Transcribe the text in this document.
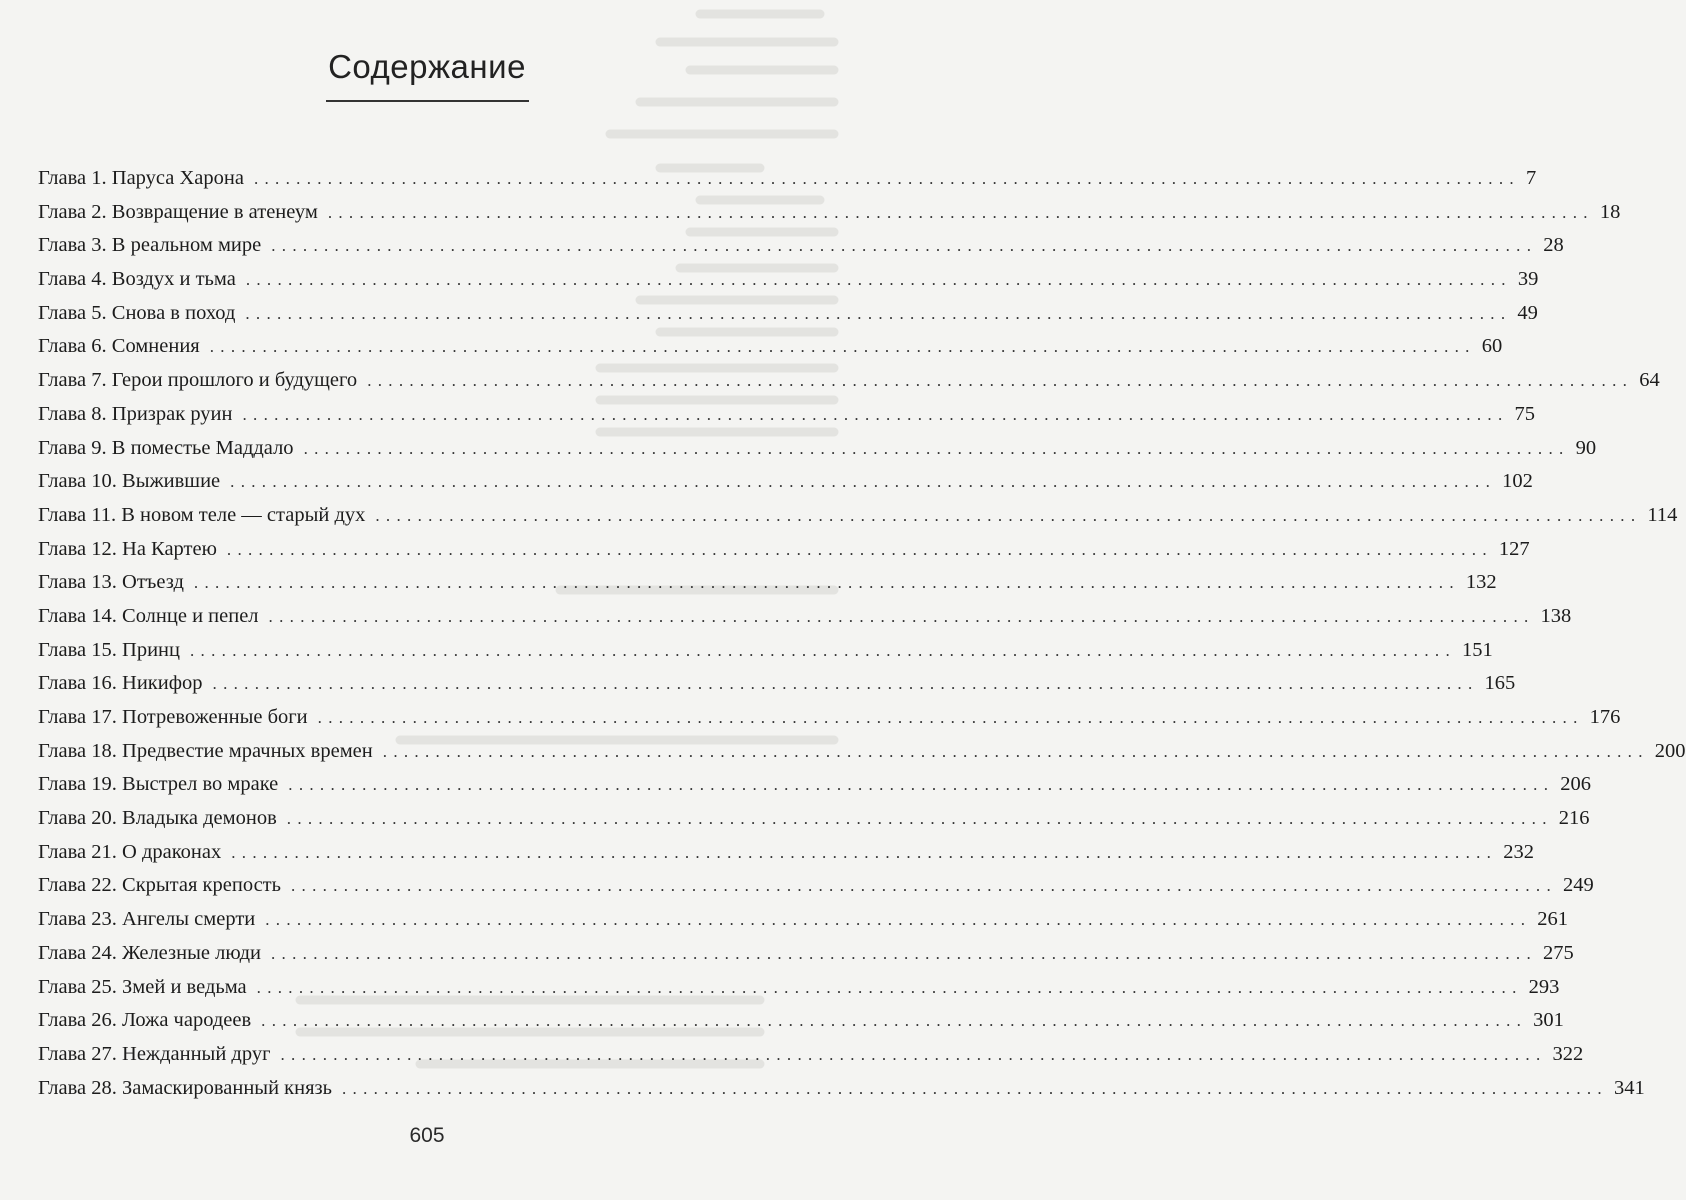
Содержание
Глава 1. Паруса Харона ........................................................................................................................ 7
Глава 2. Возвращение в атенеум ........................................................................................................................ 18
Глава 3. В реальном мире ........................................................................................................................ 28
Глава 4. Воздух и тьма ........................................................................................................................ 39
Глава 5. Снова в поход ........................................................................................................................ 49
Глава 6. Сомнения ........................................................................................................................ 60
Глава 7. Герои прошлого и будущего ........................................................................................................................ 64
Глава 8. Призрак руин ........................................................................................................................ 75
Глава 9. В поместье Маддало ........................................................................................................................ 90
Глава 10. Выжившие ........................................................................................................................ 102
Глава 11. В новом теле — старый дух ........................................................................................................................ 114
Глава 12. На Картею ........................................................................................................................ 127
Глава 13. Отъезд ........................................................................................................................ 132
Глава 14. Солнце и пепел ........................................................................................................................ 138
Глава 15. Принц ........................................................................................................................ 151
Глава 16. Никифор ........................................................................................................................ 165
Глава 17. Потревоженные боги ........................................................................................................................ 176
Глава 18. Предвестие мрачных времен ........................................................................................................................ 200
Глава 19. Выстрел во мраке ........................................................................................................................ 206
Глава 20. Владыка демонов ........................................................................................................................ 216
Глава 21. О драконах ........................................................................................................................ 232
Глава 22. Скрытая крепость ........................................................................................................................ 249
Глава 23. Ангелы смерти ........................................................................................................................ 261
Глава 24. Железные люди ........................................................................................................................ 275
Глава 25. Змей и ведьма ........................................................................................................................ 293
Глава 26. Ложа чародеев ........................................................................................................................ 301
Глава 27. Нежданный друг ........................................................................................................................ 322
Глава 28. Замаскированный князь ........................................................................................................................ 341
605
